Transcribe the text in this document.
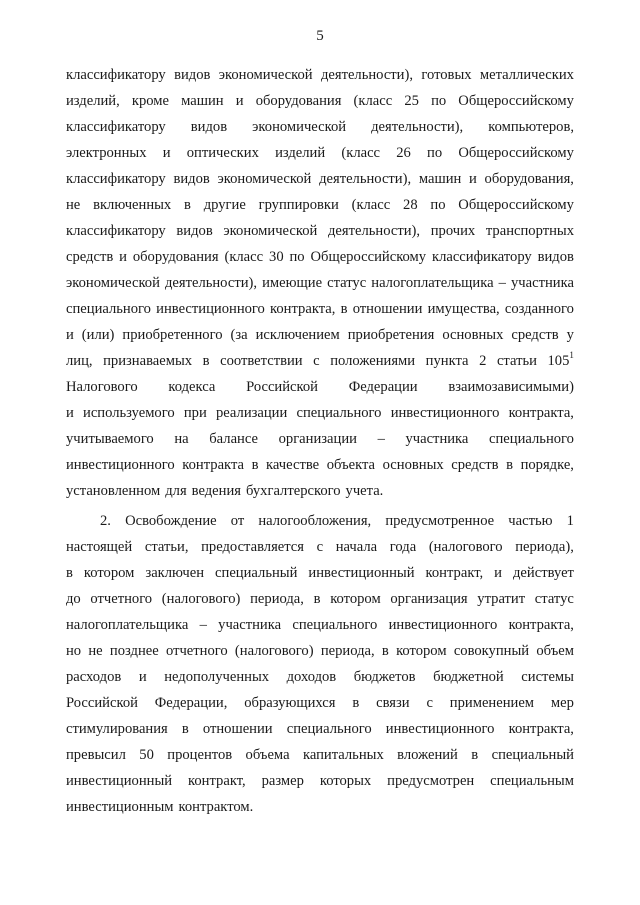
5
классификатору видов экономической деятельности), готовых металлических
изделий, кроме машин и оборудования (класс 25 по Общероссийскому
классификатору видов экономической деятельности), компьютеров,
электронных и оптических изделий (класс 26 по Общероссийскому
классификатору видов экономической деятельности), машин и оборудования,
не включенных в другие группировки (класс 28 по Общероссийскому
классификатору видов экономической деятельности), прочих транспортных
средств и оборудования (класс 30 по Общероссийскому классификатору видов
экономической деятельности), имеющие статус налогоплательщика – участника
специального инвестиционного контракта, в отношении имущества, созданного
и (или) приобретенного (за исключением приобретения основных средств у
лиц, признаваемых в соответствии с положениями пункта 2 статьи $105^1$
Налогового кодекса Российской Федерации взаимозависимыми)
и используемого при реализации специального инвестиционного контракта,
учитываемого на балансе организации – участника специального
инвестиционного контракта в качестве объекта основных средств в порядке,
установленном для ведения бухгалтерского учета.
2. Освобождение от налогообложения, предусмотренное частью 1
настоящей статьи, предоставляется с начала года (налогового периода),
в котором заключен специальный инвестиционный контракт, и действует
до отчетного (налогового) периода, в котором организация утратит статус
налогоплательщика – участника специального инвестиционного контракта,
но не позднее отчетного (налогового) периода, в котором совокупный объем
расходов и недополученных доходов бюджетов бюджетной системы
Российской Федерации, образующихся в связи с применением мер
стимулирования в отношении специального инвестиционного контракта,
превысил 50 процентов объема капитальных вложений в специальный
инвестиционный контракт, размер которых предусмотрен специальным
инвестиционным контрактом.
